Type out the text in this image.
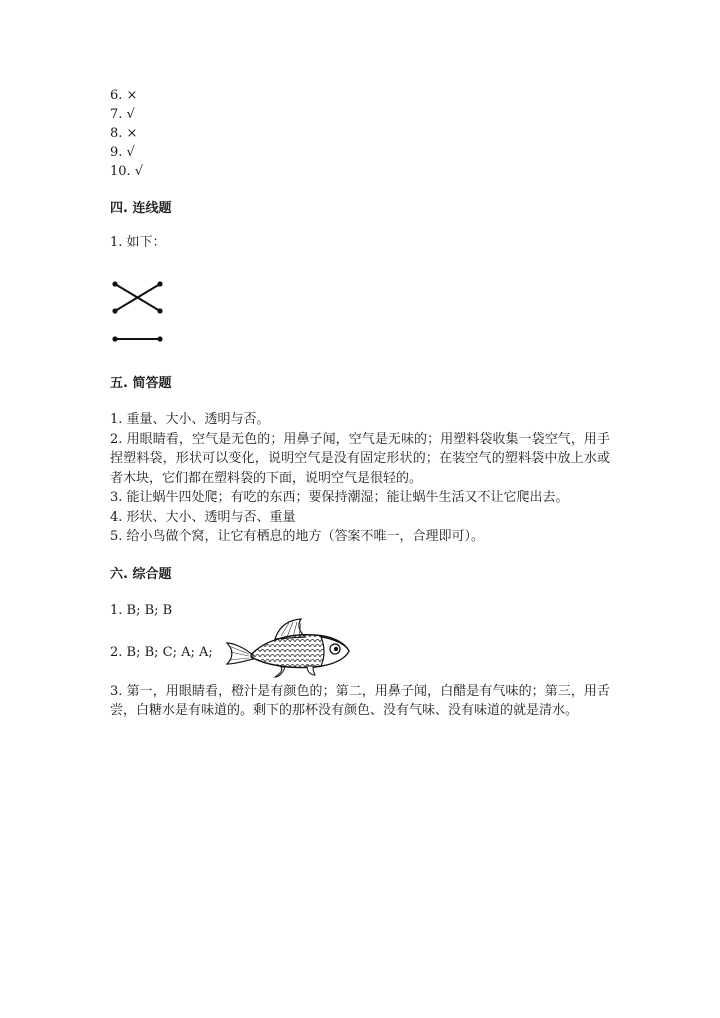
6. ×
7. √
8. ×
9. √
10. √
四. 连线题
1. 如下：
五. 简答题

1. 重量、大小、透明与否。

2. 用眼睛看，空气是无色的；用鼻子闻，空气是无味的；用塑料袋收集一袋空气，用手捏塑料袋，形状可以变化，说明空气是没有固定形状的；在装空气的塑料袋中放上水或者木块，它们都在塑料袋的下面，说明空气是很轻的。

3. 能让蜗牛四处爬；有吃的东西；要保持潮湿；能让蜗牛生活又不让它爬出去。

4. 形状、大小、透明与否、重量

5. 给小鸟做个窝，让它有栖息的地方（答案不唯一，合理即可）。

六. 综合题
1. B; B; B
2. B; B; C; A; A;

3. 第一，用眼睛看，橙汁是有颜色的；第二，用鼻子闻，白醋是有气味的；第三，用舌尝，白糖水是有味道的。剩下的那杯没有颜色、没有气味、没有味道的就是清水。
